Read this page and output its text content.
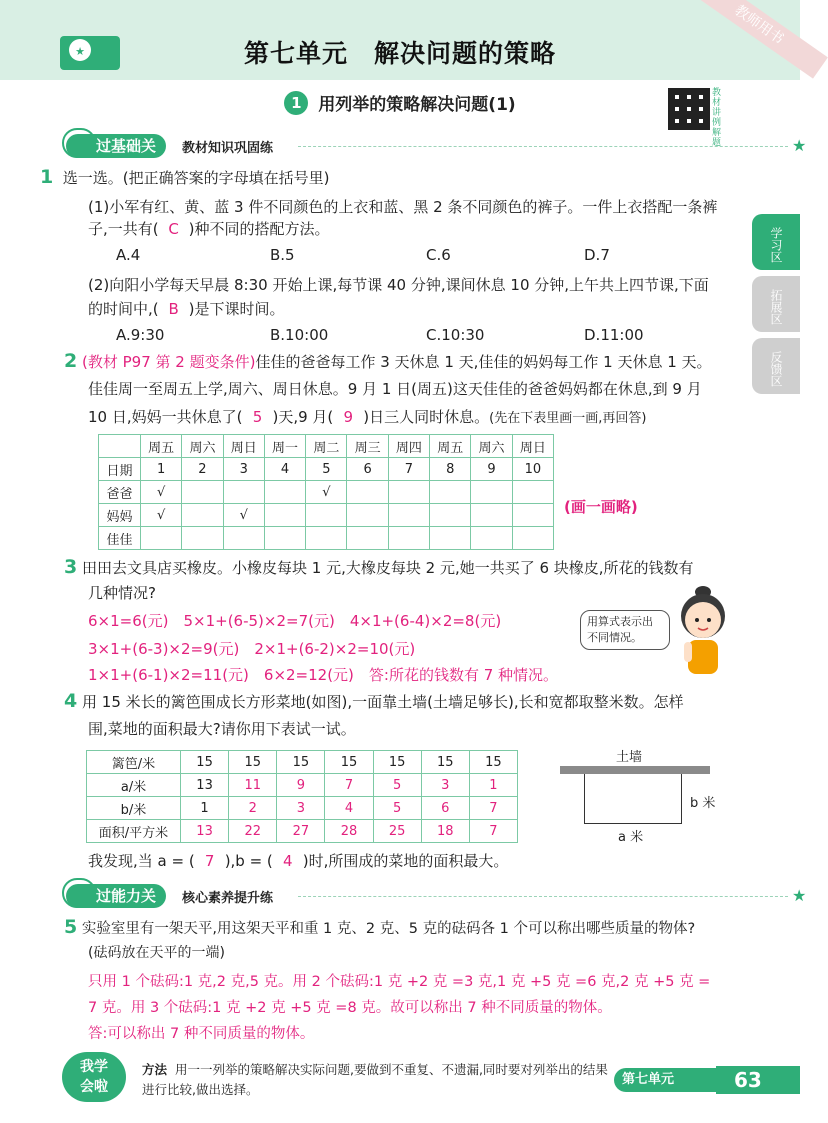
★	第七单元　解决问题的策略
教师用书
1 用列举的策略解决问题(1)
教材讲例解题
学习区
拓展区
反馈区
过基础关	教材知识巩固练	★
1 选一选。(把正确答案的字母填在括号里)
(1)小军有红、黄、蓝 3 件不同颜色的上衣和蓝、黑 2 条不同颜色的裤子。一件上衣搭配一条裤
子,一共有( C )种不同的搭配方法。
A.4	B.5	C.6	D.7
(2)向阳小学每天早晨 8:30 开始上课,每节课 40 分钟,课间休息 10 分钟,上午共上四节课,下面
的时间中,( B )是下课时间。
A.9:30	B.10:00	C.10:30	D.11:00
2 (教材 P97 第 2 题变条件)佳佳的爸爸每工作 3 天休息 1 天,佳佳的妈妈每工作 1 天休息 1 天。
佳佳周一至周五上学,周六、周日休息。9 月 1 日(周五)这天佳佳的爸爸妈妈都在休息,到 9 月
10 日,妈妈一共休息了( 5 )天,9 月( 9 )日三人同时休息。(先在下表里画一画,再回答)
	周五	周六	周日	周一	周二	周三	周四	周五	周六	周日
日期	1	2	3	4	5	6	7	8	9	10
爸爸	√				√					
妈妈	√		√							
佳佳										
(画一画略)
3 田田去文具店买橡皮。小橡皮每块 1 元,大橡皮每块 2 元,她一共买了 6 块橡皮,所花的钱数有
几种情况?
6×1=6(元)　5×1+(6-5)×2=7(元)　4×1+(6-4)×2=8(元)
3×1+(6-3)×2=9(元)　2×1+(6-2)×2=10(元)
1×1+(6-1)×2=11(元)　6×2=12(元)　答:所花的钱数有 7 种情况。
用算式表示出不同情况。
4 用 15 米长的篱笆围成长方形菜地(如图),一面靠土墙(土墙足够长),长和宽都取整米数。怎样
围,菜地的面积最大?请你用下表试一试。
篱笆/米	15	15	15	15	15	15	15
a/米	13	11	9	7	5	3	1
b/米	1	2	3	4	5	6	7
面积/平方米	13	22	27	28	25	18	7
土墙
b 米
a 米
我发现,当 a = ( 7 ),b = ( 4 )时,所围成的菜地的面积最大。
过能力关	核心素养提升练	★
5 实验室里有一架天平,用这架天平和重 1 克、2 克、5 克的砝码各 1 个可以称出哪些质量的物体?
(砝码放在天平的一端)
只用 1 个砝码:1 克,2 克,5 克。用 2 个砝码:1 克 +2 克 =3 克,1 克 +5 克 =6 克,2 克 +5 克 =
7 克。用 3 个砝码:1 克 +2 克 +5 克 =8 克。故可以称出 7 种不同质量的物体。
答:可以称出 7 种不同质量的物体。
我学
会啦
方法 用一一列举的策略解决实际问题,要做到不重复、不遗漏,同时要对列举出的结果进行比较,做出选择。
第七单元	63
